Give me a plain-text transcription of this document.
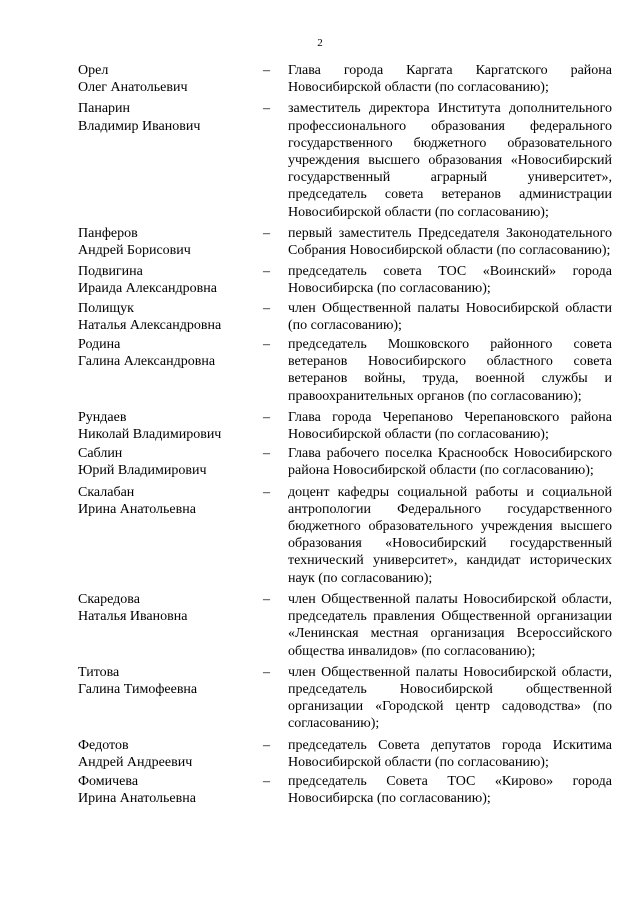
2
Орел
Олег Анатольевич
–	Глава города Каргата Каргатского района Новосибирской области (по согласованию);
Панарин
Владимир Иванович
–	заместитель директора Института дополнительного профессионального образования федерального государственного бюджетного образовательного учреждения высшего образования «Новосибирский государственный аграрный университет», председатель совета ветеранов администрации Новосибирской области (по согласованию);
Панферов
Андрей Борисович
–	первый заместитель Председателя Законодательного Собрания Новосибирской области (по согласованию);
Подвигина
Ираида Александровна
–	председатель совета ТОС «Воинский» города Новосибирска (по согласованию);
Полищук
Наталья Александровна
–	член Общественной палаты Новосибирской области (по согласованию);
Родина
Галина Александровна
–	председатель Мошковского районного совета ветеранов Новосибирского областного совета ветеранов войны, труда, военной службы и правоохранительных органов (по согласованию);
Рундаев
Николай Владимирович
–	Глава города Черепаново Черепановского района Новосибирской области (по согласованию);
Саблин
Юрий Владимирович
–	Глава рабочего поселка Краснообск Новосибирского района Новосибирской области (по согласованию);
Скалабан
Ирина Анатольевна
–	доцент кафедры социальной работы и социальной антропологии Федерального государственного бюджетного образовательного учреждения высшего образования «Новосибирский государственный технический университет», кандидат исторических наук (по согласованию);
Скаредова
Наталья Ивановна
–	член Общественной палаты Новосибирской области, председатель правления Общественной организации «Ленинская местная организация Всероссийского общества инвалидов» (по согласованию);
Титова
Галина Тимофеевна
–	член Общественной палаты Новосибирской области, председатель Новосибирской общественной организации «Городской центр садоводства» (по согласованию);
Федотов
Андрей Андреевич
–	председатель Совета депутатов города Искитима Новосибирской области (по согласованию);
Фомичева
Ирина Анатольевна
–	председатель Совета ТОС «Кирово» города Новосибирска (по согласованию);
